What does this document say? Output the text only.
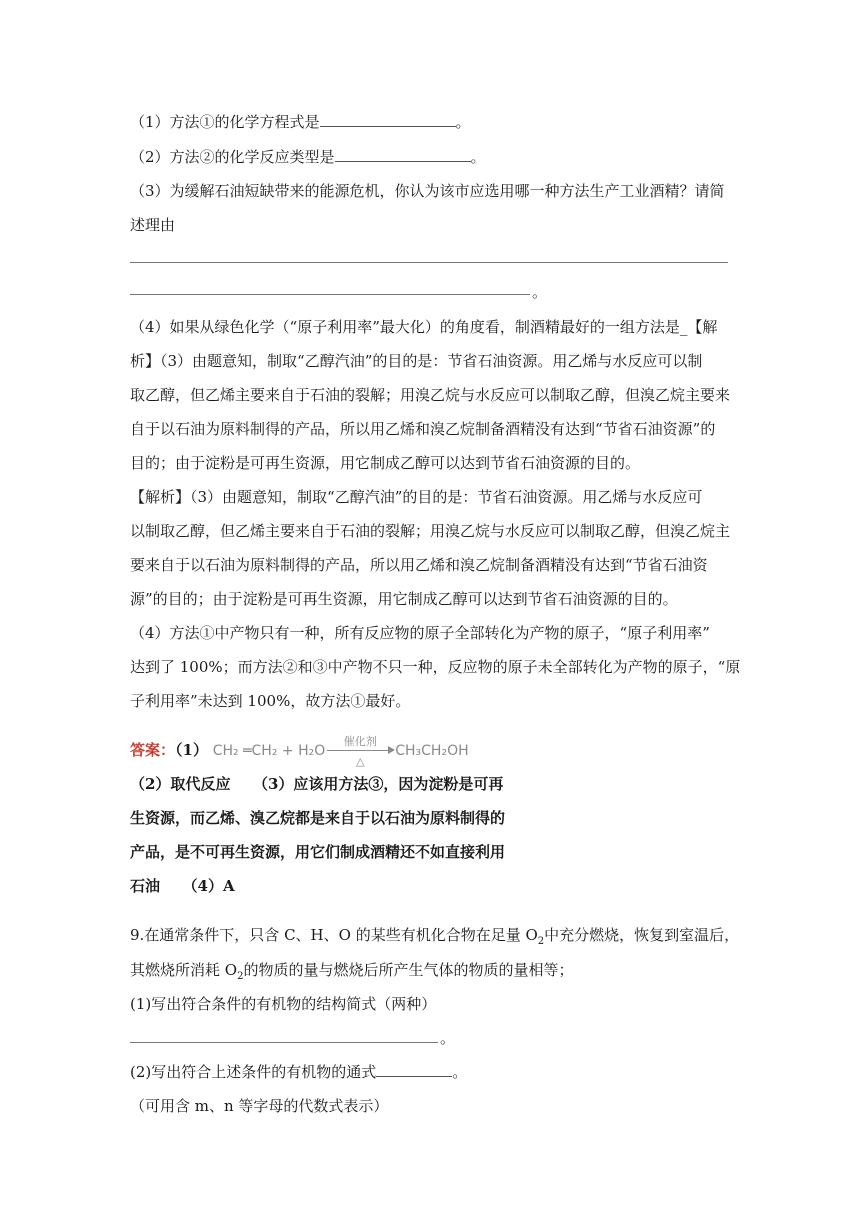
（1）方法①的化学方程式是	。
（2）方法②的化学反应类型是	。
（3）为缓解石油短缺带来的能源危机，你认为该市应选用哪一种方法生产工业酒精？请简
述理由
。
（4）如果从绿色化学（“原子利用率”最大化）的角度看，制酒精最好的一组方法是_【解
析】（3）由题意知，制取“乙醇汽油”的目的是：节省石油资源。用乙烯与水反应可以制
取乙醇，但乙烯主要来自于石油的裂解；用溴乙烷与水反应可以制取乙醇，但溴乙烷主要来
自于以石油为原料制得的产品，所以用乙烯和溴乙烷制备酒精没有达到“节省石油资源”的
目的；由于淀粉是可再生资源，用它制成乙醇可以达到节省石油资源的目的。
【解析】（3）由题意知，制取“乙醇汽油”的目的是：节省石油资源。用乙烯与水反应可
以制取乙醇，但乙烯主要来自于石油的裂解；用溴乙烷与水反应可以制取乙醇，但溴乙烷主
要来自于以石油为原料制得的产品，所以用乙烯和溴乙烷制备酒精没有达到“节省石油资
源”的目的；由于淀粉是可再生资源，用它制成乙醇可以达到节省石油资源的目的。
（4）方法①中产物只有一种，所有反应物的原子全部转化为产物的原子，“原子利用率”
达到了 100%；而方法②和③中产物不只一种，反应物的原子未全部转化为产物的原子，“原
子利用率”未达到 100%，故方法①最好。
答案：（1） CH₂ ═CH₂ + H₂O
催化剂
△
CH₃CH₂OH
（2）取代反应　　（3）应该用方法③，因为淀粉是可再
生资源，而乙烯、溴乙烷都是来自于以石油为原料制得的
产品，是不可再生资源，用它们制成酒精还不如直接利用
石油　　（4）A
9.在通常条件下，只含 C、H、O 的某些有机化合物在足量 $O_2$中充分燃烧，恢复到室温后，
其燃烧所消耗 $O_2$的物质的量与燃烧后所产生气体的物质的量相等；
(1)写出符合条件的有机物的结构简式（两种）
。
(2)写出符合上述条件的有机物的通式	。
（可用含 m、n 等字母的代数式表示）
